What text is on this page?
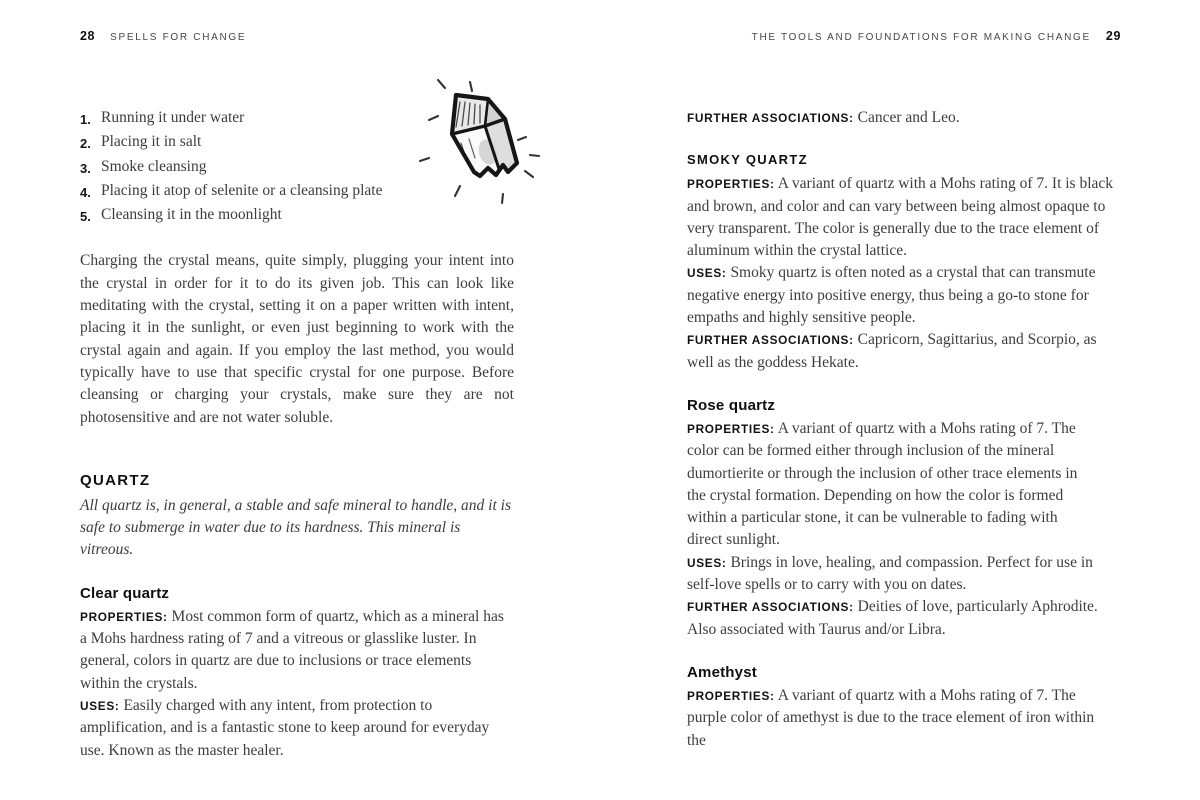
28 SPELLS FOR CHANGE	THE TOOLS AND FOUNDATIONS FOR MAKING CHANGE 29
1. Running it under water
2. Placing it in salt
3. Smoke cleansing
4. Placing it atop of selenite or a cleansing plate
5. Cleansing it in the moonlight

Charging the crystal means, quite simply, plugging your intent into the crystal in order for it to do its given job. This can look like meditating with the crystal, setting it on a paper written with intent, placing it in the sunlight, or even just beginning to work with the crystal again and again. If you employ the last method, you would typically have to use that specific crystal for one purpose. Before cleansing or charging your crystals, make sure they are not photosensitive and are not water soluble.

QUARTZ

All quartz is, in general, a stable and safe mineral to handle, and it is safe to submerge in water due to its hardness. This mineral is vitreous.

Clear quartz

PROPERTIES: Most common form of quartz, which as a mineral has a Mohs hardness rating of 7 and a vitreous or glasslike luster. In general, colors in quartz are due to inclusions or trace elements within the crystals.

USES: Easily charged with any intent, from protection to amplification, and is a fantastic stone to keep around for everyday use. Known as the master healer.

FURTHER ASSOCIATIONS: Cancer and Leo.

SMOKY QUARTZ

PROPERTIES: A variant of quartz with a Mohs rating of 7. It is black and brown, and color and can vary between being almost opaque to very transparent. The color is generally due to the trace element of aluminum within the crystal lattice.

USES: Smoky quartz is often noted as a crystal that can transmute negative energy into positive energy, thus being a go-to stone for empaths and highly sensitive people.

FURTHER ASSOCIATIONS: Capricorn, Sagittarius, and Scorpio, as well as the goddess Hekate.

Rose quartz

PROPERTIES: A variant of quartz with a Mohs rating of 7. The color can be formed either through inclusion of the mineral dumortierite or through the inclusion of other trace elements in the crystal formation. Depending on how the color is formed within a particular stone, it can be vulnerable to fading with direct sunlight.

USES: Brings in love, healing, and compassion. Perfect for use in self-love spells or to carry with you on dates.

FURTHER ASSOCIATIONS: Deities of love, particularly Aphrodite. Also associated with Taurus and/or Libra.

Amethyst

PROPERTIES: A variant of quartz with a Mohs rating of 7. The purple color of amethyst is due to the trace element of iron within the
